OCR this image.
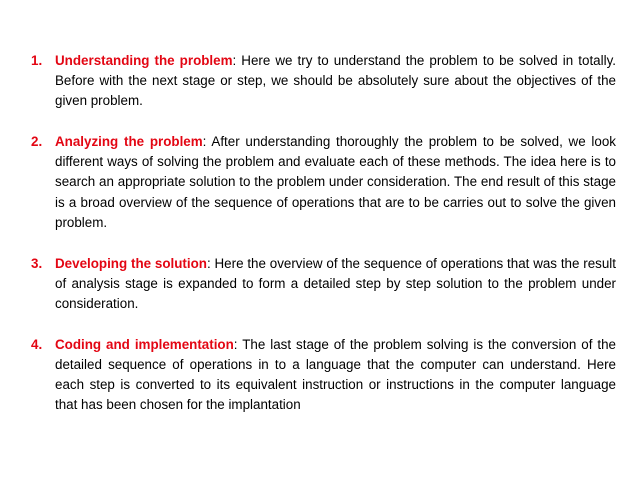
1. Understanding the problem: Here we try to understand the problem to be solved in totally. Before with the next stage or step, we should be absolutely sure about the objectives of the given problem.
2. Analyzing the problem: After understanding thoroughly the problem to be solved, we look different ways of solving the problem and evaluate each of these methods. The idea here is to search an appropriate solution to the problem under consideration. The end result of this stage is a broad overview of the sequence of operations that are to be carries out to solve the given problem.
3. Developing the solution: Here the overview of the sequence of operations that was the result of analysis stage is expanded to form a detailed step by step solution to the problem under consideration.
4. Coding and implementation: The last stage of the problem solving is the conversion of the detailed sequence of operations in to a language that the computer can understand. Here each step is converted to its equivalent instruction or instructions in the computer language that has been chosen for the implantation
